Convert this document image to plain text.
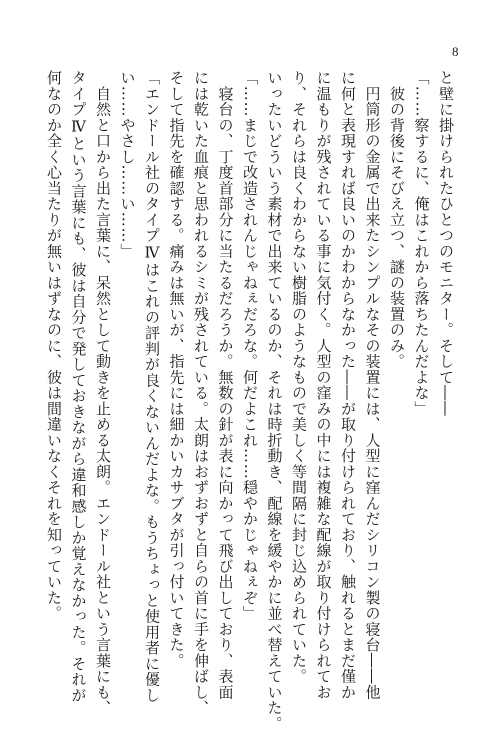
8
と壁に掛けられたひとつのモニター。そして――
「……察するに、俺はこれから落ちたんだよな」
　彼の背後にそびえ立つ、謎の装置のみ。
　円筒形の金属で出来たシンプルなその装置には、人型に窪んだシリコン製の寝台――他
に何と表現すれば良いのかわからなかった――が取り付けられており、触れるとまだ僅か
に温もりが残されている事に気付く。人型の窪みの中には複雑な配線が取り付けられてお
り、それらは良くわからない樹脂のようなもので美しく等間隔に封じ込められていた。
いったいどういう素材で出来ているのか、それは時折動き、配線を緩やかに並べ替えていた。
「……まじで改造されんじゃねぇだろな。何だよこれ……穏やかじゃねぇぞ」
　寝台の、丁度首部分に当たるだろうか。無数の針が表に向かって飛び出しており、表面
には乾いた血痕と思われるシミが残されている。太朗はおずおずと自らの首に手を伸ばし、
そして指先を確認する。痛みは無いが、指先には細かいカサブタが引っ付いてきた。
「エンドール社のタイプⅣはこれの評判が良くないんだよな。もうちょっと使用者に優し
い……やさし……い……」
　自然と口から出た言葉に、呆然として動きを止める太朗。エンドール社という言葉にも、
タイプⅣという言葉にも、彼は自分で発しておきながら違和感しか覚えなかった。それが
何なのか全く心当たりが無いはずなのに、彼は間違いなくそれを知っていた。
